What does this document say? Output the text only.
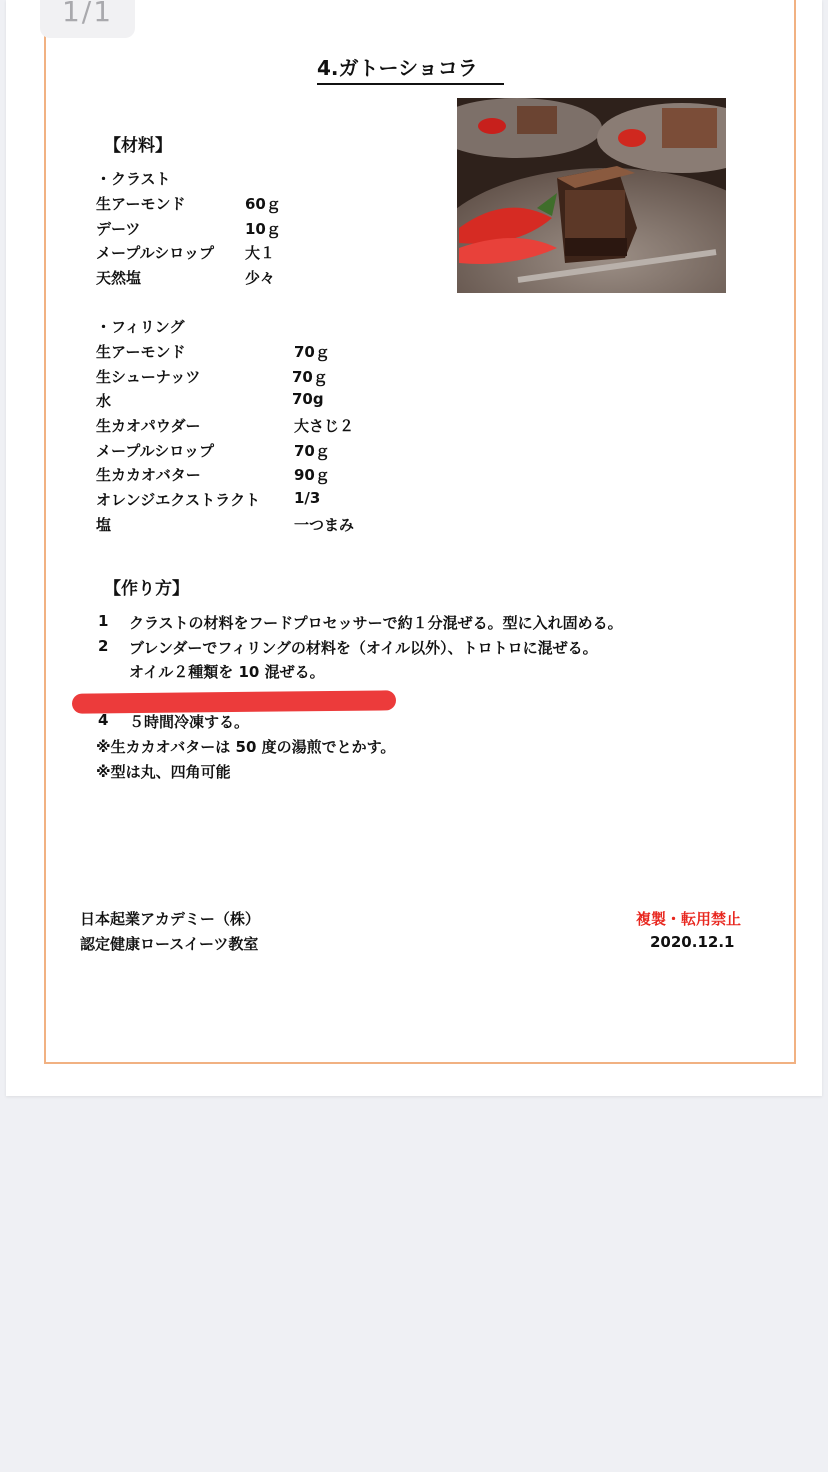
1/1
4.ガトーショコラ
【材料】
・クラスト
生アーモンド	60ｇ
デーツ	10ｇ
メープルシロップ 大１
天然塩	少々
・フィリング
生アーモンド	70ｇ
生シューナッツ	70ｇ
水	70g
生カオパウダー	大さじ２
メープルシロップ	70ｇ
生カカオバター	90ｇ
オレンジエクストラクト 1/3
塩	一つまみ
【作り方】
1 クラストの材料をフードプロセッサーで約１分混ぜる。型に入れ固める。
2 ブレンダーでフィリングの材料を（オイル以外）、トロトロに混ぜる。
オイル２種類を 10 混ぜる。
4 ５時間冷凍する。
※生カカオバターは 50 度の湯煎でとかす。
※型は丸、四角可能
日本起業アカデミー（株）
認定健康ロースイーツ教室
複製・転用禁止
2020.12.1
